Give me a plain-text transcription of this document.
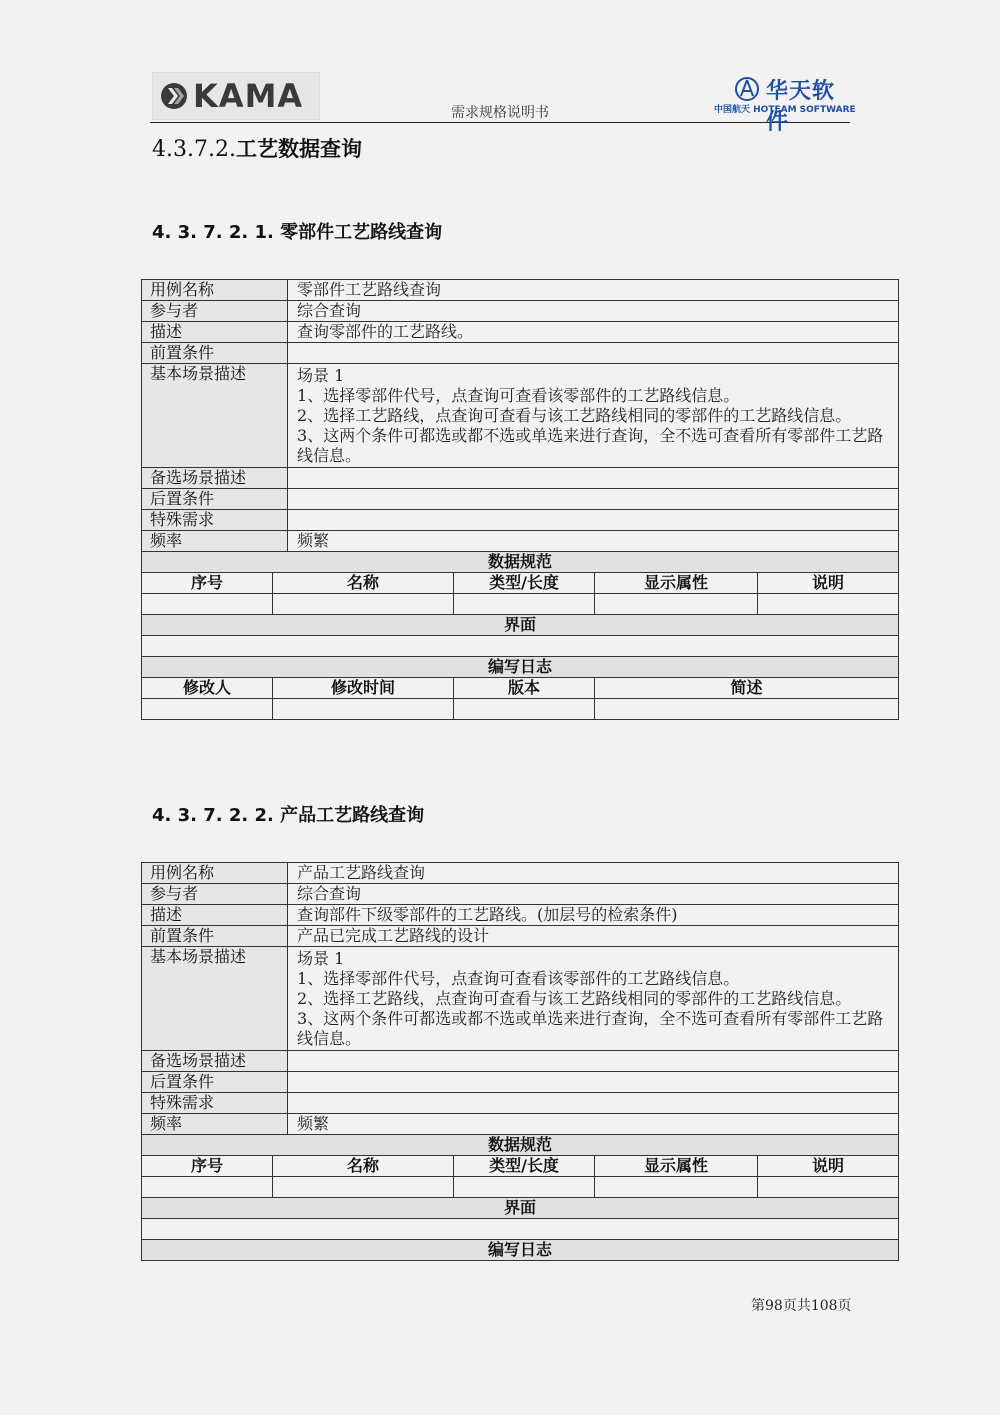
KAMA	需求规格说明书
华天软件
中国航天 HOTEAM SOFTWARE
4.3.7.2.工艺数据查询
4. 3. 7. 2. 1. 零部件工艺路线查询
用例名称		零部件工艺路线查询			
参与者		综合查询			
描述		查询零部件的工艺路线。			
前置条件					
基本场景描述		场景 1
1、选择零部件代号，点查询可查看该零部件的工艺路线信息。
2、选择工艺路线，点查询可查看与该工艺路线相同的零部件的工艺路线信息。
3、这两个条件可都选或都不选或单选来进行查询，全不选可查看所有零部件工艺路线信息。			

备选场景描述					
后置条件					
特殊需求					
频率		频繁			
数据规范					
序号	名称		类型/长度	显示属性	说明

界面					

编写日志					
修改人	修改时间		版本	简述	

4. 3. 7. 2. 2. 产品工艺路线查询
用例名称		产品工艺路线查询			
参与者		综合查询			
描述		查询部件下级零部件的工艺路线。(加层号的检索条件)			
前置条件		产品已完成工艺路线的设计			
基本场景描述		场景 1
1、选择零部件代号，点查询可查看该零部件的工艺路线信息。
2、选择工艺路线，点查询可查看与该工艺路线相同的零部件的工艺路线信息。
3、这两个条件可都选或都不选或单选来进行查询，全不选可查看所有零部件工艺路线信息。			

备选场景描述					
后置条件					
特殊需求					
频率		频繁			
数据规范					
序号	名称		类型/长度	显示属性	说明

界面					

编写日志					
第98页共108页
